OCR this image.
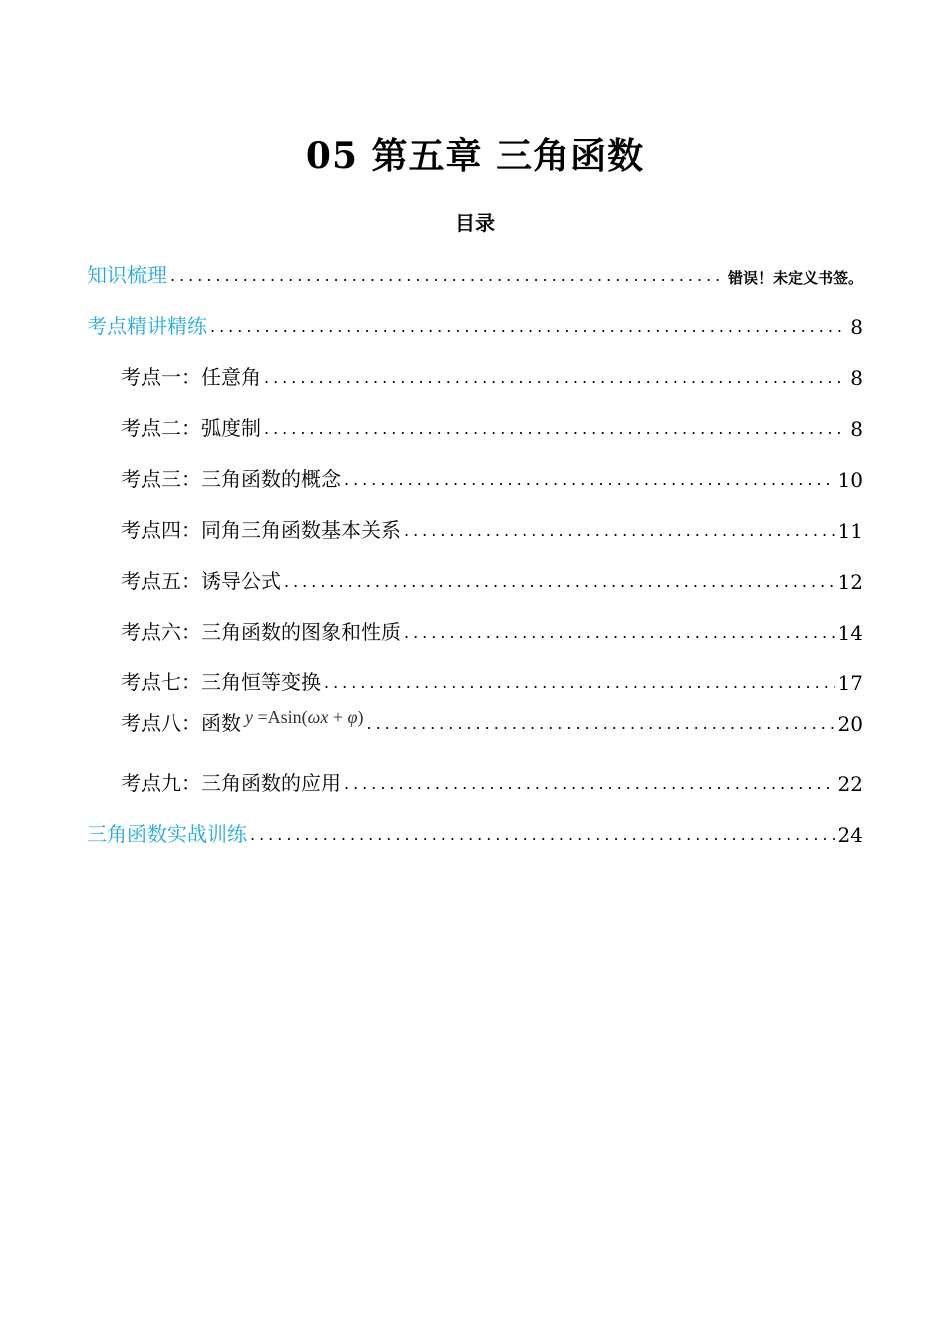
05 第五章 三角函数
目录
知识梳理 .....	错误！未定义书签。
考点精讲精练 .....	8
考点一：任意角 .....	8
考点二：弧度制 .....	8
考点三：三角函数的概念 .....	10
考点四：同角三角函数基本关系 .....	11
考点五：诱导公式 .....	12
考点六：三角函数的图象和性质 .....	14
考点七：三角恒等变换 .....	17
考点八：函数 y =Asin(ωx + φ) .....	20
考点九：三角函数的应用 .....	22
三角函数实战训练 .....	24
